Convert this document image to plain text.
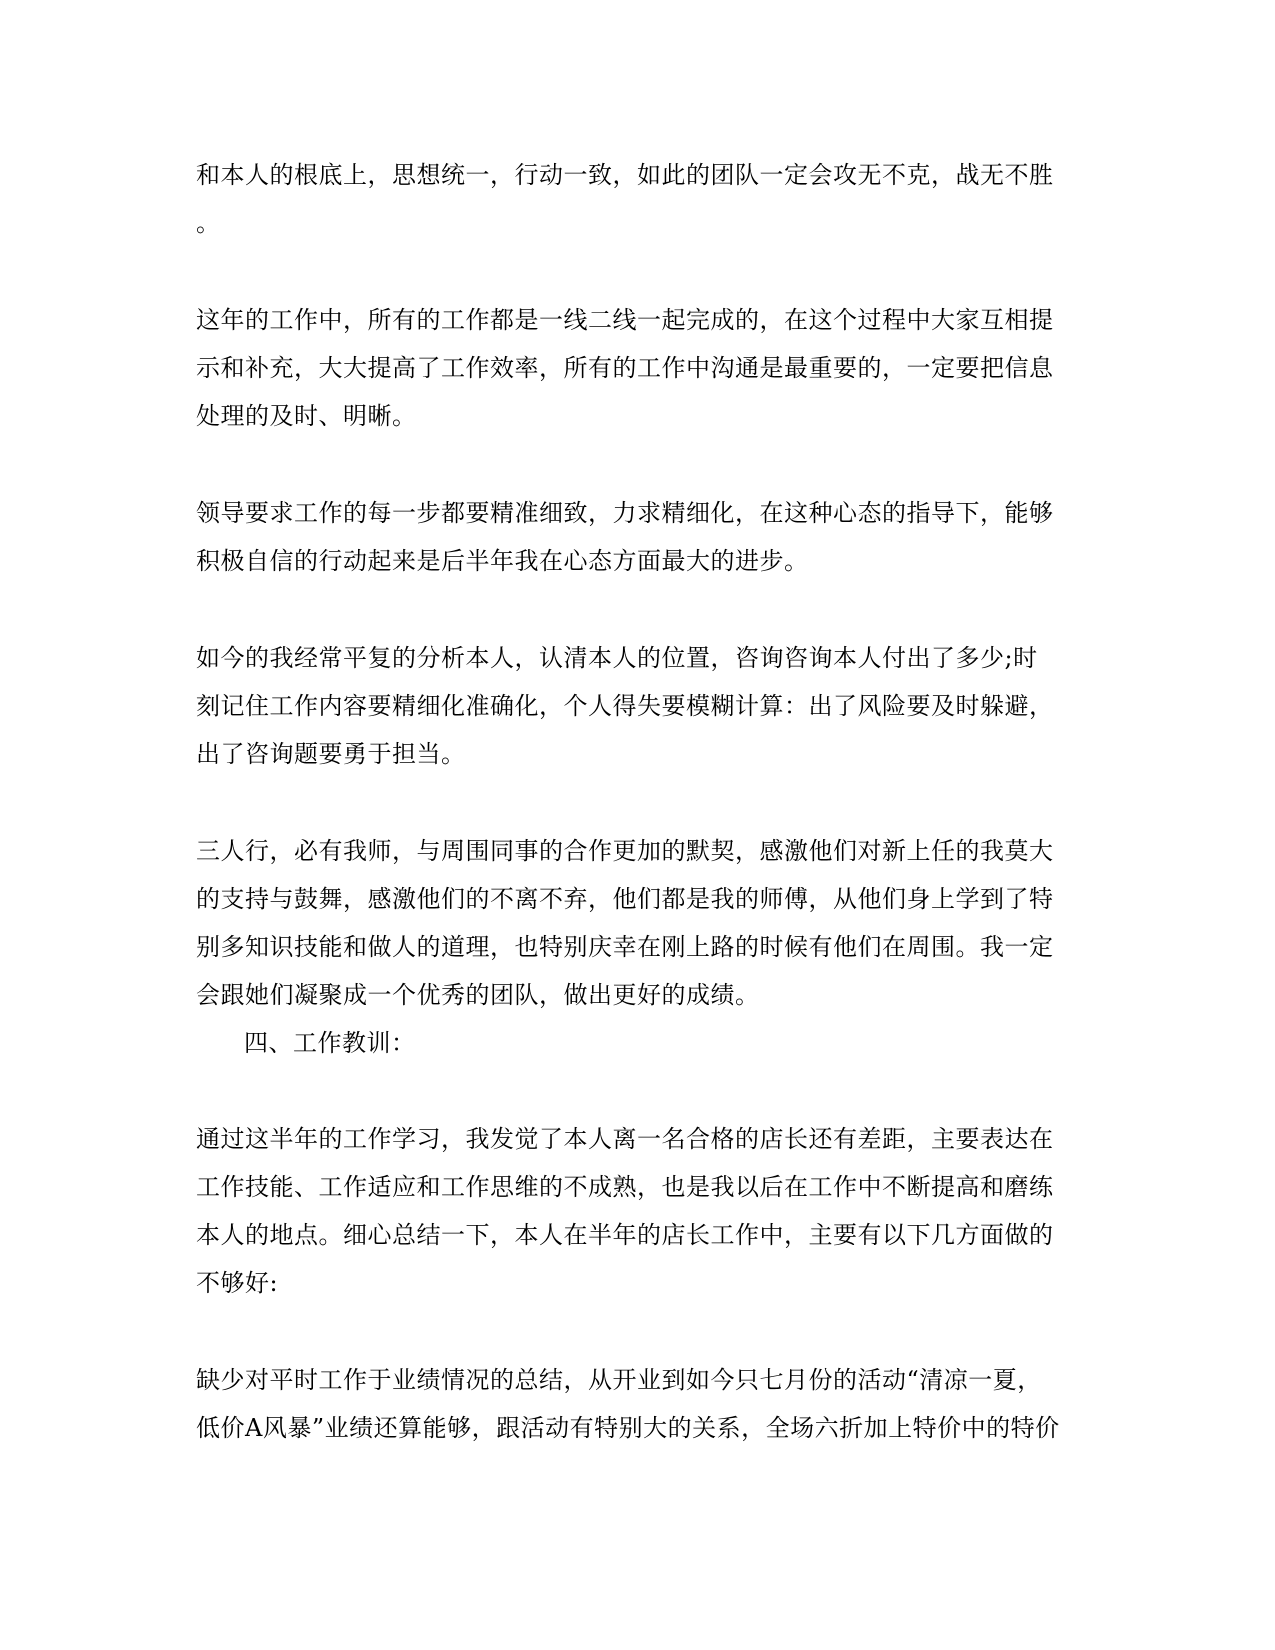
和本人的根底上，思想统一，行动一致，如此的团队一定会攻无不克，战无不胜
。
这年的工作中，所有的工作都是一线二线一起完成的，在这个过程中大家互相提
示和补充，大大提高了工作效率，所有的工作中沟通是最重要的，一定要把信息
处理的及时、明晰。
领导要求工作的每一步都要精准细致，力求精细化，在这种心态的指导下，能够
积极自信的行动起来是后半年我在心态方面最大的进步。
如今的我经常平复的分析本人，认清本人的位置，咨询咨询本人付出了多少;时
刻记住工作内容要精细化准确化，个人得失要模糊计算：出了风险要及时躲避，
出了咨询题要勇于担当。
三人行，必有我师，与周围同事的合作更加的默契，感激他们对新上任的我莫大
的支持与鼓舞，感激他们的不离不弃，他们都是我的师傅，从他们身上学到了特
别多知识技能和做人的道理，也特别庆幸在刚上路的时候有他们在周围。我一定
会跟她们凝聚成一个优秀的团队，做出更好的成绩。
四、工作教训：
通过这半年的工作学习，我发觉了本人离一名合格的店长还有差距，主要表达在
工作技能、工作适应和工作思维的不成熟，也是我以后在工作中不断提高和磨练
本人的地点。细心总结一下，本人在半年的店长工作中，主要有以下几方面做的
不够好:
缺少对平时工作于业绩情况的总结，从开业到如今只七月份的活动“清凉一夏，
低价A风暴”业绩还算能够，跟活动有特别大的关系，全场六折加上特价中的特价
